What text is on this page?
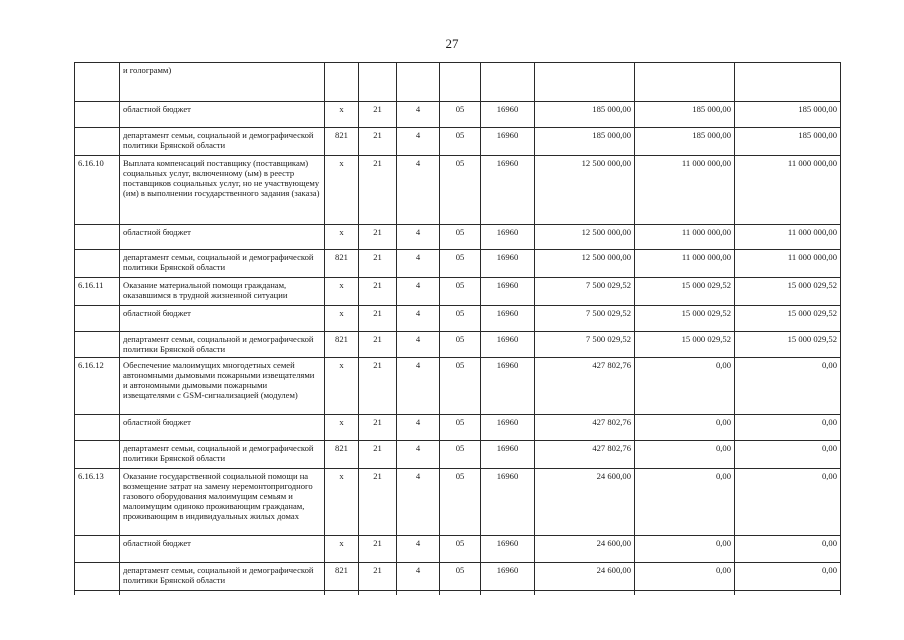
27
	и голограмм)								
	областной бюджет	x	21	4	05	16960	185 000,00	185 000,00	185 000,00
	департамент семьи, социальной и демографической политики Брянской области	821	21	4	05	16960	185 000,00	185 000,00	185 000,00
6.16.10	Выплата компенсаций поставщику (поставщикам) социальных услуг, включенному (ым) в реестр поставщиков социальных услуг, но не участвующему (им) в выполнении государственного задания (заказа)	x	21	4	05	16960	12 500 000,00	11 000 000,00	11 000 000,00
	областной бюджет	x	21	4	05	16960	12 500 000,00	11 000 000,00	11 000 000,00
	департамент семьи, социальной и демографической политики Брянской области	821	21	4	05	16960	12 500 000,00	11 000 000,00	11 000 000,00
6.16.11	Оказание материальной помощи гражданам, оказавшимся в трудной жизненной ситуации	x	21	4	05	16960	7 500 029,52	15 000 029,52	15 000 029,52
	областной бюджет	x	21	4	05	16960	7 500 029,52	15 000 029,52	15 000 029,52
	департамент семьи, социальной и демографической политики Брянской области	821	21	4	05	16960	7 500 029,52	15 000 029,52	15 000 029,52
6.16.12	Обеспечение малоимущих многодетных семей автономными дымовыми пожарными извещателями и автономными дымовыми пожарными извещателями с GSM-сигнализацией (модулем)	x	21	4	05	16960	427 802,76	0,00	0,00
	областной бюджет	x	21	4	05	16960	427 802,76	0,00	0,00
	департамент семьи, социальной и демографической политики Брянской области	821	21	4	05	16960	427 802,76	0,00	0,00
6.16.13	Оказание государственной социальной помощи на возмещение затрат на замену неремонтопригодного газового оборудования малоимущим семьям и малоимущим одиноко проживающим гражданам, проживающим в индивидуальных жилых домах	x	21	4	05	16960	24 600,00	0,00	0,00
	областной бюджет	x	21	4	05	16960	24 600,00	0,00	0,00
	департамент семьи, социальной и демографической политики Брянской области	821	21	4	05	16960	24 600,00	0,00	0,00
